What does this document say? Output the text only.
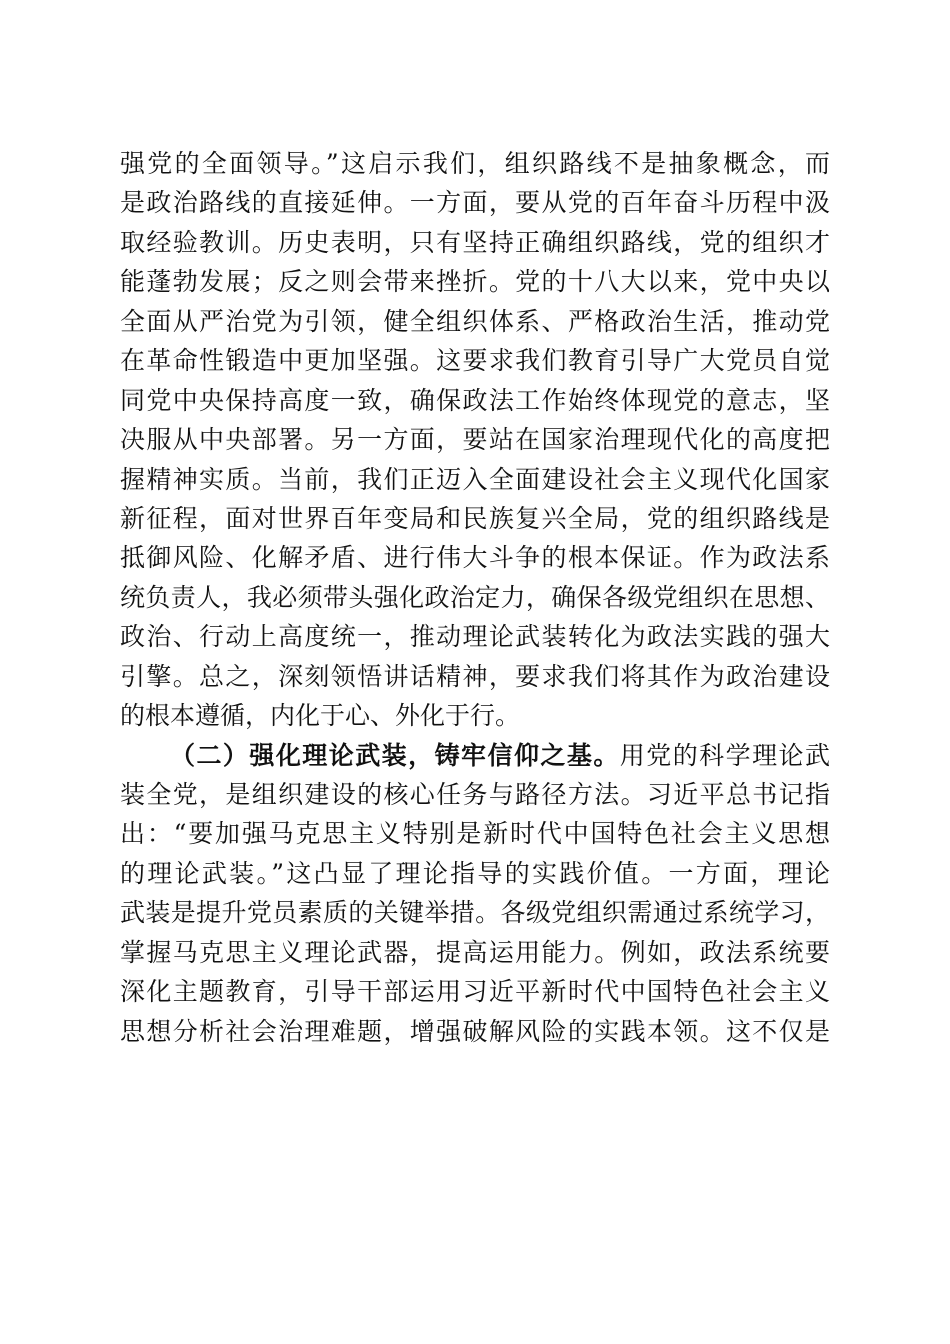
强党的全面领导。”这启示我们，组织路线不是抽象概念，而
是政治路线的直接延伸。一方面，要从党的百年奋斗历程中汲
取经验教训。历史表明，只有坚持正确组织路线，党的组织才
能蓬勃发展；反之则会带来挫折。党的十八大以来，党中央以
全面从严治党为引领，健全组织体系、严格政治生活，推动党
在革命性锻造中更加坚强。这要求我们教育引导广大党员自觉
同党中央保持高度一致，确保政法工作始终体现党的意志，坚
决服从中央部署。另一方面，要站在国家治理现代化的高度把
握精神实质。当前，我们正迈入全面建设社会主义现代化国家
新征程，面对世界百年变局和民族复兴全局，党的组织路线是
抵御风险、化解矛盾、进行伟大斗争的根本保证。作为政法系
统负责人，我必须带头强化政治定力，确保各级党组织在思想、
政治、行动上高度统一，推动理论武装转化为政法实践的强大
引擎。总之，深刻领悟讲话精神，要求我们将其作为政治建设
的根本遵循，内化于心、外化于行。
（二）强化理论武装，铸牢信仰之基。用党的科学理论武
装全党，是组织建设的核心任务与路径方法。习近平总书记指
出：“要加强马克思主义特别是新时代中国特色社会主义思想
的理论武装。”这凸显了理论指导的实践价值。一方面，理论
武装是提升党员素质的关键举措。各级党组织需通过系统学习，
掌握马克思主义理论武器，提高运用能力。例如，政法系统要
深化主题教育，引导干部运用习近平新时代中国特色社会主义
思想分析社会治理难题，增强破解风险的实践本领。这不仅是
